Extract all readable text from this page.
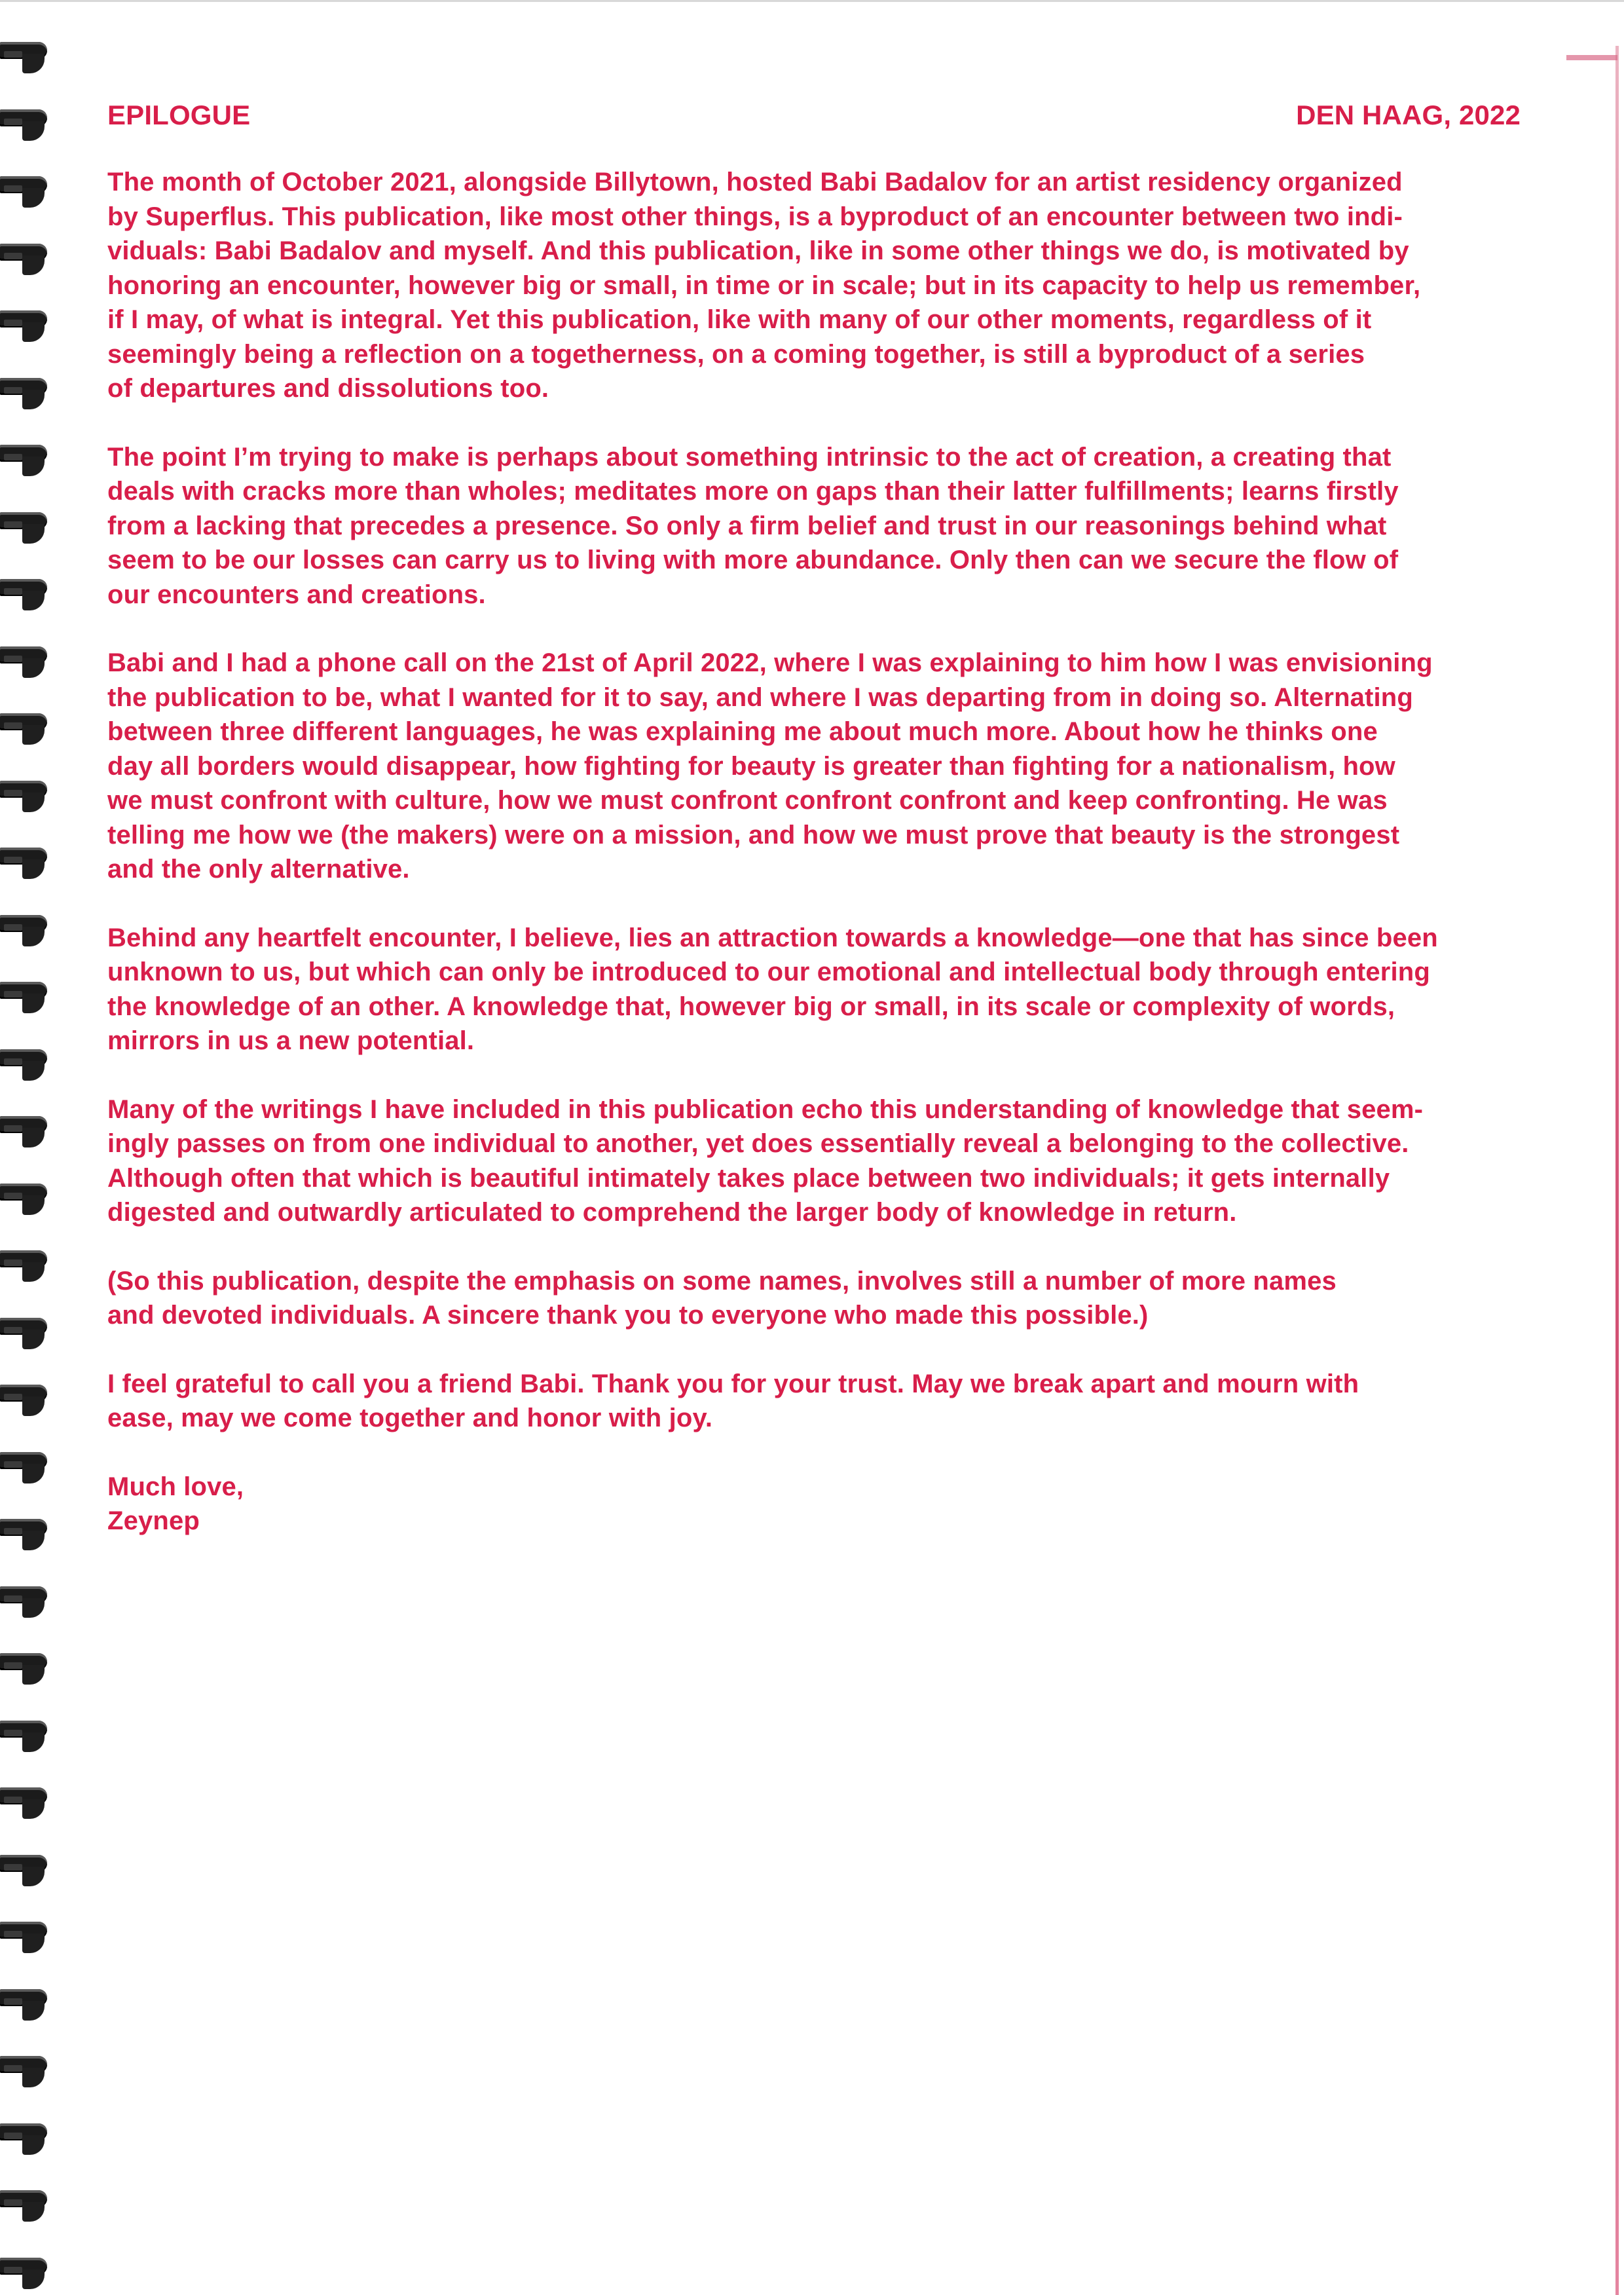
EPILOGUE	DEN HAAG, 2022
The month of October 2021, alongside Billytown, hosted Babi Badalov for an artist residency organized
by Superflus. This publication, like most other things, is a byproduct of an encounter between two indi-
viduals: Babi Badalov and myself. And this publication, like in some other things we do, is motivated by
honoring an encounter, however big or small, in time or in scale; but in its capacity to help us remember,
if I may, of what is integral. Yet this publication, like with many of our other moments, regardless of it
seemingly being a reflection on a togetherness, on a coming together, is still a byproduct of a series
of departures and dissolutions too.
The point I’m trying to make is perhaps about something intrinsic to the act of creation, a creating that
deals with cracks more than wholes; meditates more on gaps than their latter fulfillments; learns firstly
from a lacking that precedes a presence. So only a firm belief and trust in our reasonings behind what
seem to be our losses can carry us to living with more abundance. Only then can we secure the flow of
our encounters and creations.
Babi and I had a phone call on the 21st of April 2022, where I was explaining to him how I was envisioning
the publication to be, what I wanted for it to say, and where I was departing from in doing so. Alternating
between three different languages, he was explaining me about much more. About how he thinks one
day all borders would disappear, how fighting for beauty is greater than fighting for a nationalism, how
we must confront with culture, how we must confront confront confront and keep confronting. He was
telling me how we (the makers) were on a mission, and how we must prove that beauty is the strongest
and the only alternative.
Behind any heartfelt encounter, I believe, lies an attraction towards a knowledge—one that has since been
unknown to us, but which can only be introduced to our emotional and intellectual body through entering
the knowledge of an other. A knowledge that, however big or small, in its scale or complexity of words,
mirrors in us a new potential.
Many of the writings I have included in this publication echo this understanding of knowledge that seem-
ingly passes on from one individual to another, yet does essentially reveal a belonging to the collective.
Although often that which is beautiful intimately takes place between two individuals; it gets internally
digested and outwardly articulated to comprehend the larger body of knowledge in return.
(So this publication, despite the emphasis on some names, involves still a number of more names
and devoted individuals. A sincere thank you to everyone who made this possible.)
I feel grateful to call you a friend Babi. Thank you for your trust. May we break apart and mourn with
ease, may we come together and honor with joy.
Much love,
Zeynep
